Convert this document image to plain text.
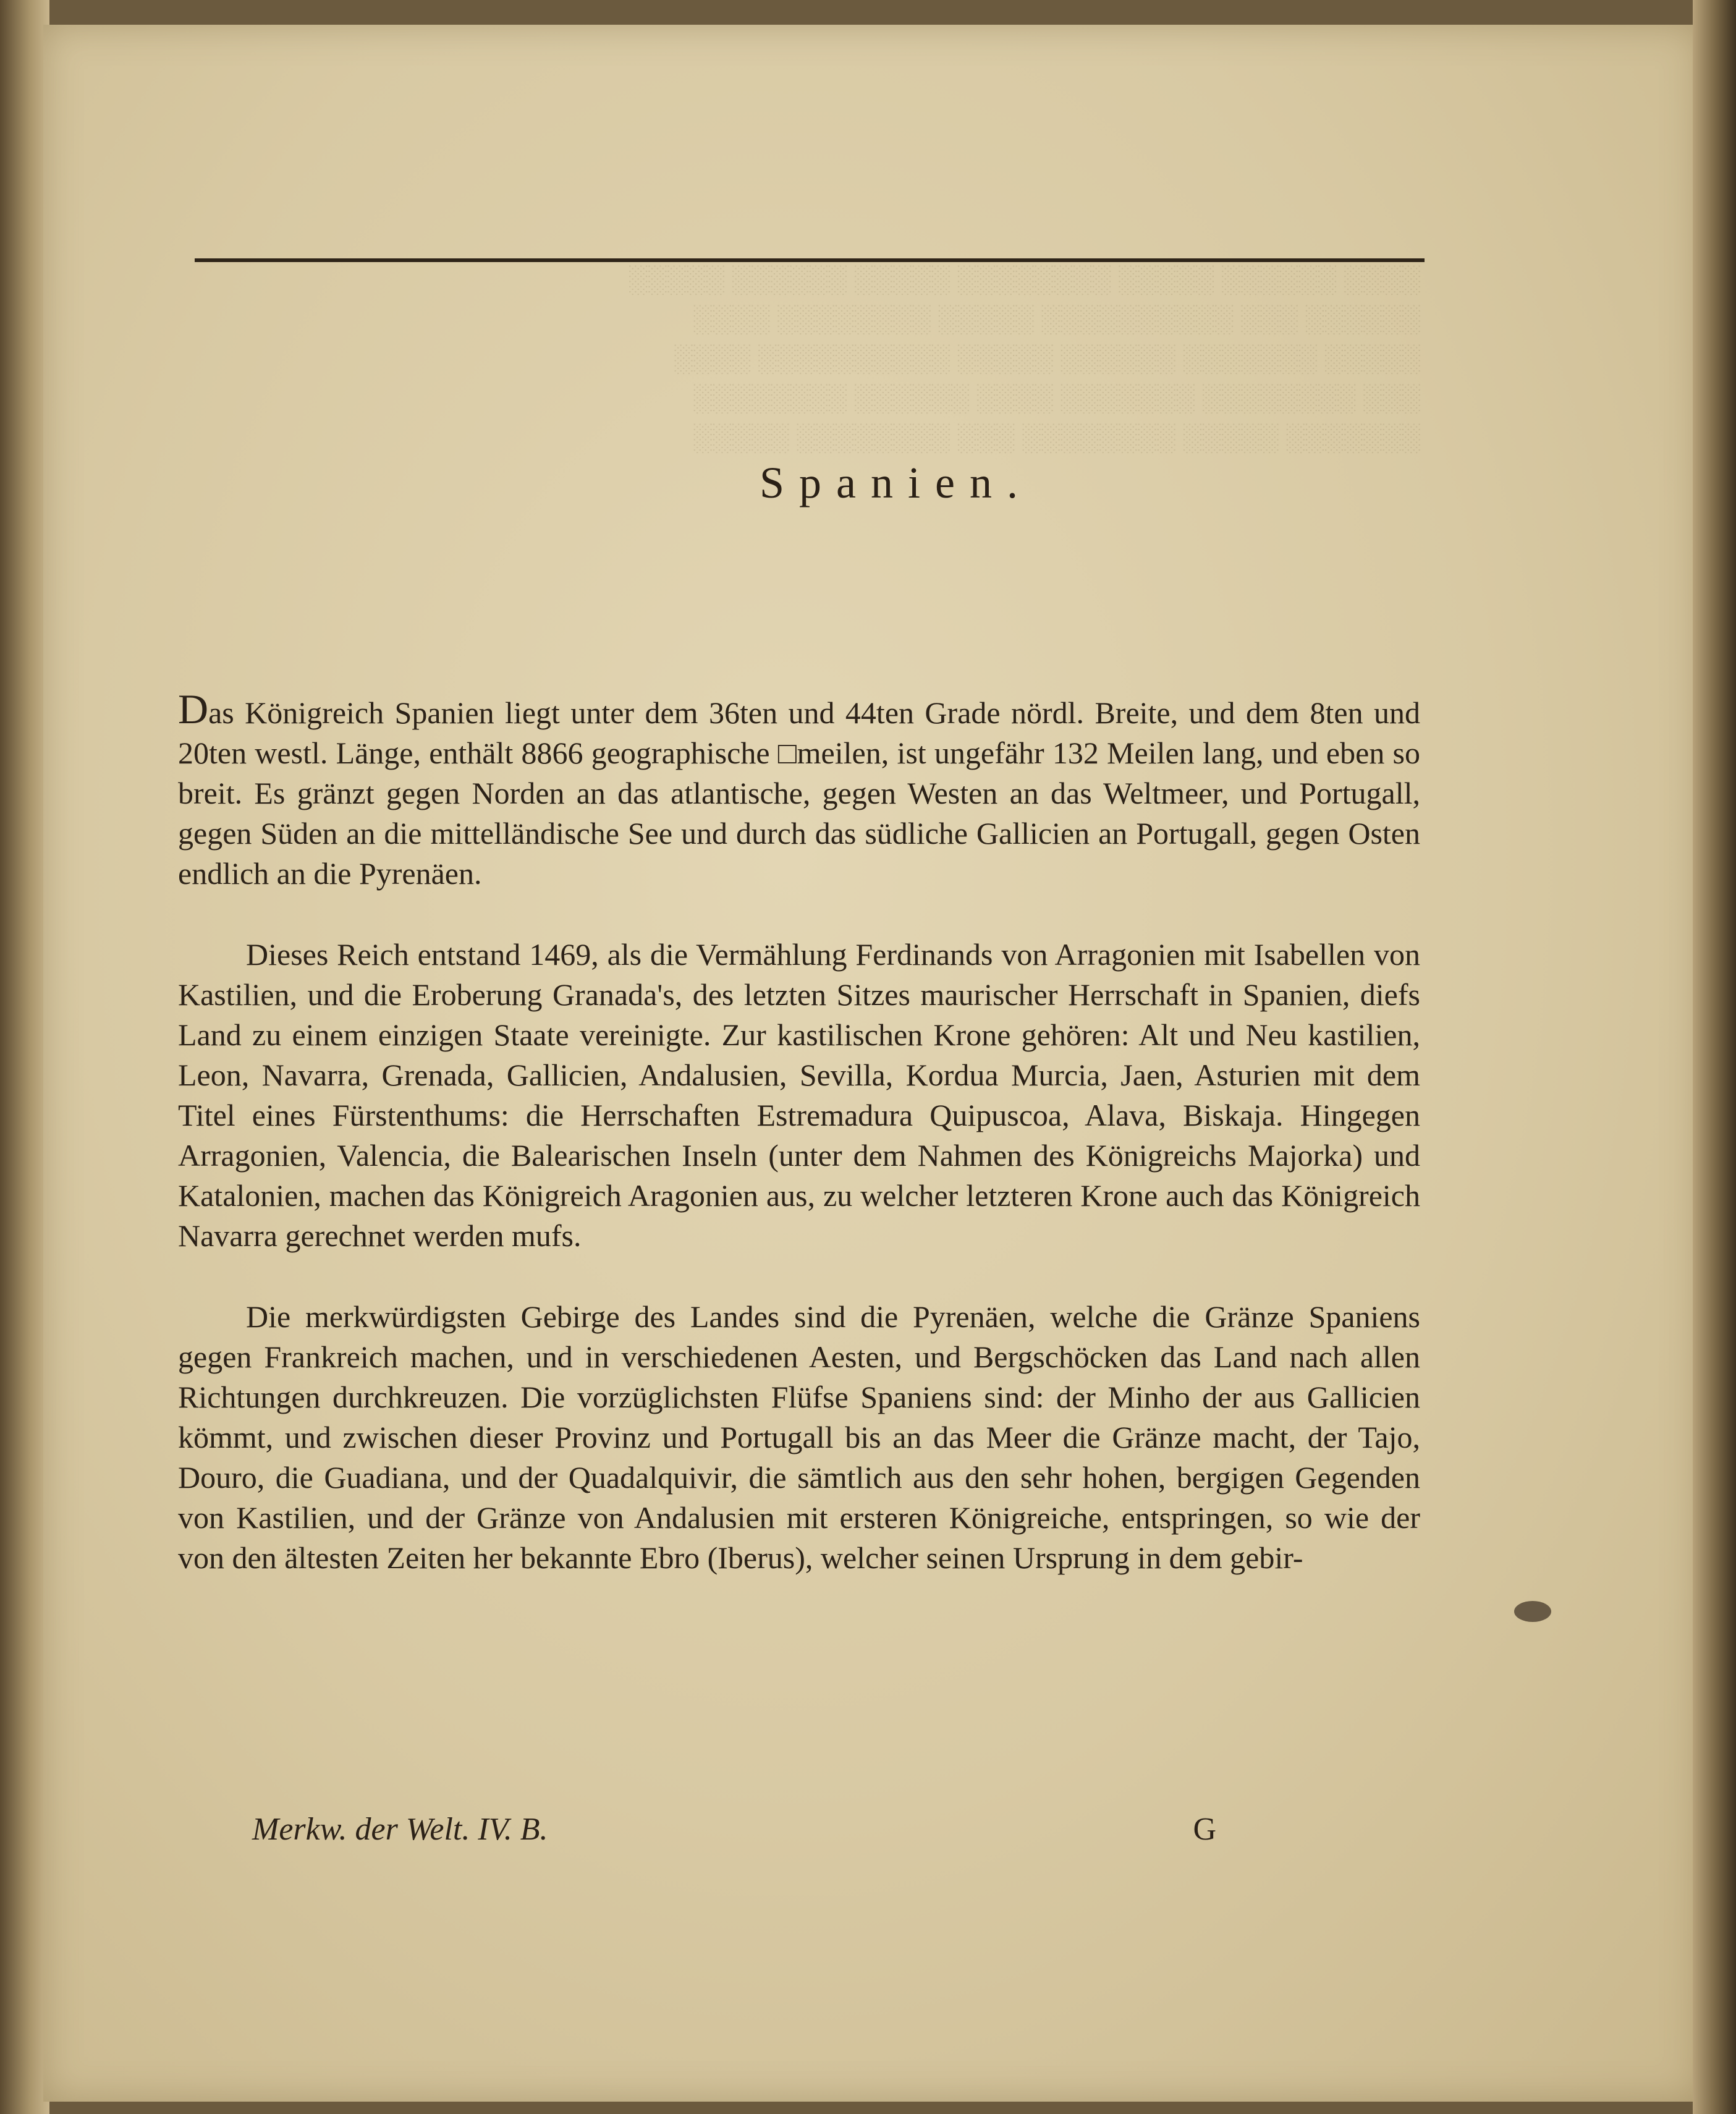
░░░░ ░░░░░░ ░░░░░ ░░░░░░░░ ░░░░░ ░░░░░░ ░░░░░
░░░░░░ ░░░ ░░░░░░░░░░ ░░░░░ ░░░░░░░░ ░░░░
░░░░░ ░░░░░░░ ░░░░░░ ░░░░░ ░░░░░░░░░░ ░░░░
░░░ ░░░░░░░░ ░░░░░░░ ░░░░ ░░░░░░ ░░░░░░░░
░░░░░░░ ░░░░░ ░░░░░░░░ ░░░ ░░░░░░░░ ░░░░░
Spanien.

Das Königreich Spanien liegt unter dem 36ten und 44ten Grade nördl. Breite, und dem 8ten und 20ten westl. Länge, enthält 8866 geographische □meilen, ist ungefähr 132 Meilen lang, und eben so breit. Es gränzt gegen Norden an das atlantische, gegen Westen an das Weltmeer, und Portugall, gegen Süden an die mittelländische See und durch das südliche Gallicien an Portugall, gegen Osten endlich an die Pyrenäen.

Dieses Reich entstand 1469, als die Vermählung Ferdinands von Arragonien mit Isabellen von Kastilien, und die Eroberung Granada's, des letzten Sitzes maurischer Herrschaft in Spanien, diefs Land zu einem einzigen Staate vereinigte. Zur kastilischen Krone gehören: Alt und Neu kastilien, Leon, Navarra, Grenada, Gallicien, Andalusien, Sevilla, Kordua Murcia, Jaen, Asturien mit dem Titel eines Fürstenthums: die Herrschaften Estremadura Quipuscoa, Alava, Biskaja. Hingegen Arragonien, Valencia, die Balearischen Inseln (unter dem Nahmen des Königreichs Majorka) und Katalonien, machen das Königreich Aragonien aus, zu welcher letzteren Krone auch das Königreich Navarra gerechnet werden mufs.

Die merkwürdigsten Gebirge des Landes sind die Pyrenäen, welche die Gränze Spaniens gegen Frankreich machen, und in verschiedenen Aesten, und Bergschöcken das Land nach allen Richtungen durchkreuzen. Die vorzüglichsten Flüfse Spaniens sind: der Minho der aus Gallicien kömmt, und zwischen dieser Provinz und Portugall bis an das Meer die Gränze macht, der Tajo, Douro, die Guadiana, und der Quadalquivir, die sämtlich aus den sehr hohen, bergigen Gegenden von Kastilien, und der Gränze von Andalusien mit ersteren Königreiche, entspringen, so wie der von den ältesten Zeiten her bekannte Ebro (Iberus), welcher seinen Ursprung in dem gebir-

Merkw. der Welt. IV. B.	G
